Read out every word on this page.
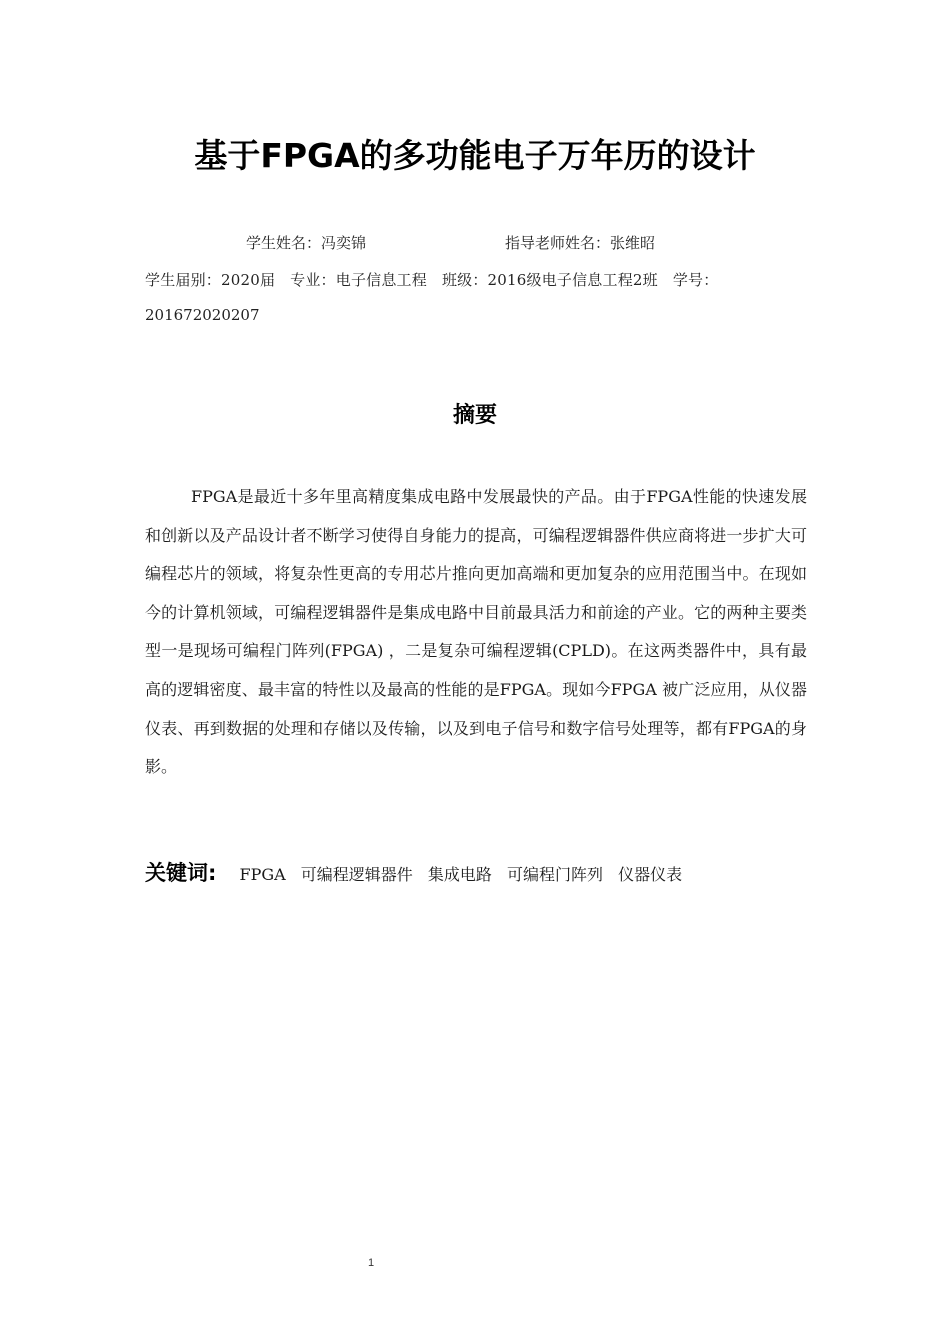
基于FPGA的多功能电子万年历的设计
学生姓名：冯奕锦	指导老师姓名：张维昭
学生届别：2020届 专业：电子信息工程 班级：2016级电子信息工程2班 学号：
201672020207
摘要
FPGA是最近十多年里高精度集成电路中发展最快的产品。由于FPGA性能的快速发展和创新以及产品设计者不断学习使得自身能力的提高，可编程逻辑器件供应商将进一步扩大可编程芯片的领域，将复杂性更高的专用芯片推向更加高端和更加复杂的应用范围当中。在现如今的计算机领域，可编程逻辑器件是集成电路中目前最具活力和前途的产业。它的两种主要类型一是现场可编程门阵列(FPGA) ，二是复杂可编程逻辑(CPLD)。在这两类器件中，具有最高的逻辑密度、最丰富的特性以及最高的性能的是FPGA。现如今FPGA 被广泛应用，从仪器仪表、再到数据的处理和存储以及传输，以及到电子信号和数字信号处理等，都有FPGA的身影。
关键词: FPGA 可编程逻辑器件 集成电路 可编程门阵列 仪器仪表
1
